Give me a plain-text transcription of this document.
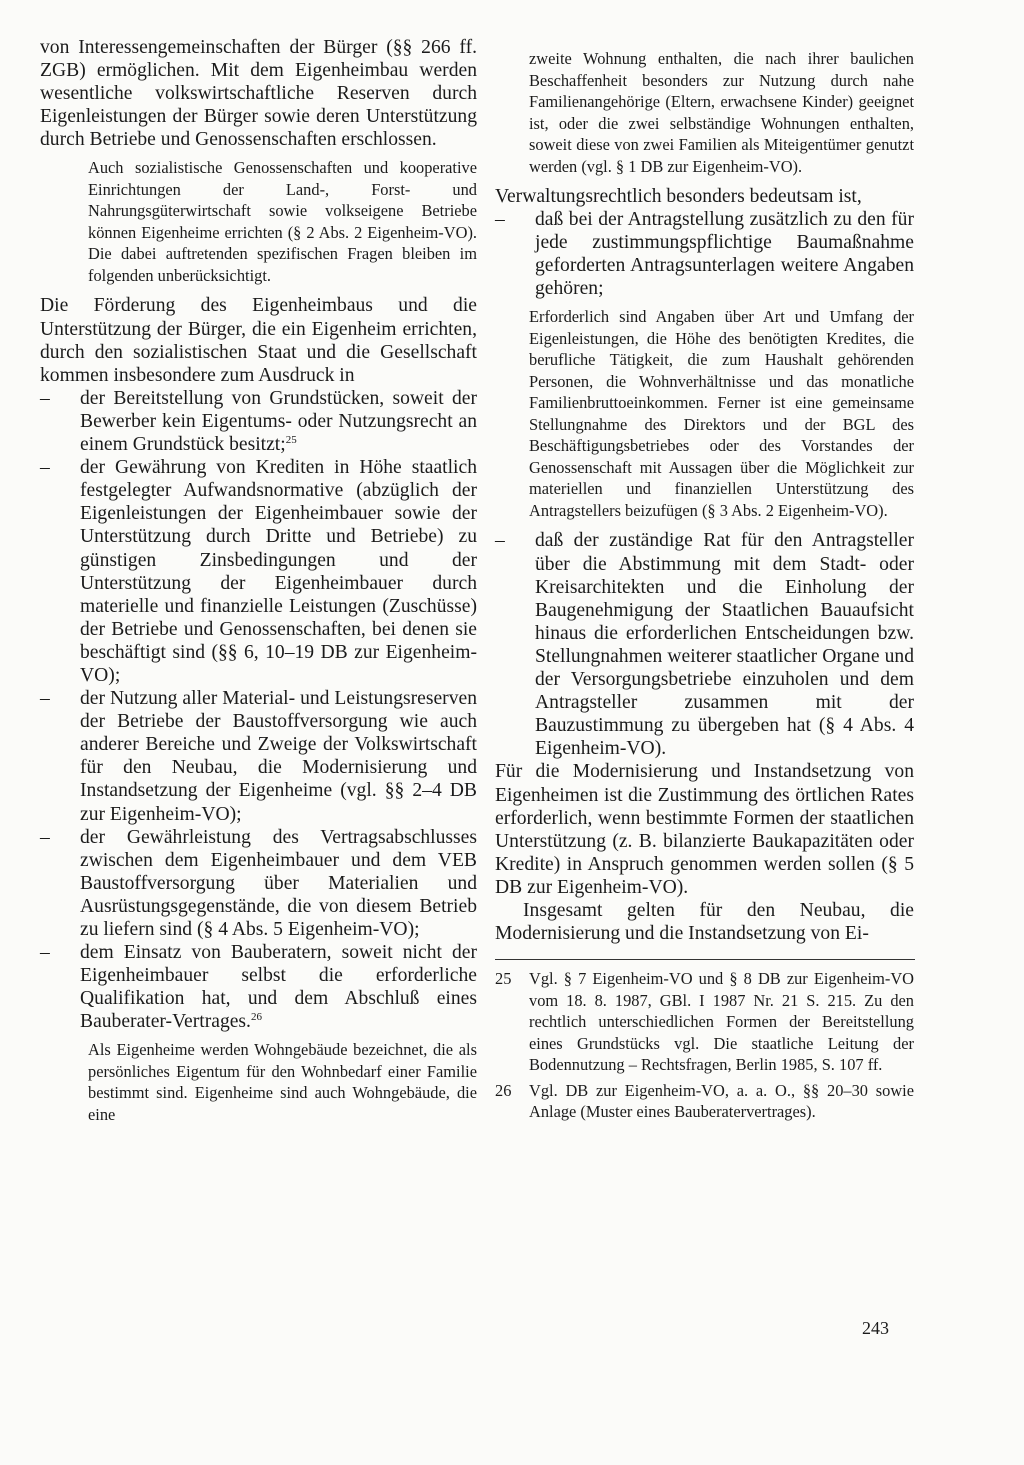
von Interessengemeinschaften der Bürger (§§ 266 ff. ZGB) ermöglichen. Mit dem Eigenheimbau werden wesentliche volkswirtschaftliche Reserven durch Eigenleistungen der Bürger sowie deren Unterstützung durch Betriebe und Genossenschaften erschlossen.

Auch sozialistische Genossenschaften und kooperative Einrichtungen der Land-, Forst- und Nahrungsgüterwirtschaft sowie volkseigene Betriebe können Eigenheime errichten (§ 2 Abs. 2 Eigenheim-VO). Die dabei auftretenden spezifischen Fragen bleiben im folgenden unberücksichtigt.

Die Förderung des Eigenheimbaus und die Unterstützung der Bürger, die ein Eigenheim errichten, durch den sozialistischen Staat und die Gesellschaft kommen insbesondere zum Ausdruck in

– der Bereitstellung von Grundstücken, soweit der Bewerber kein Eigentums- oder Nutzungsrecht an einem Grundstück besitzt;$^{25}$
– der Gewährung von Krediten in Höhe staatlich festgelegter Aufwandsnormative (abzüglich der Eigenleistungen der Eigenheimbauer sowie der Unterstützung durch Dritte und Betriebe) zu günstigen Zinsbedingungen und der Unterstützung der Eigenheimbauer durch materielle und finanzielle Leistungen (Zuschüsse) der Betriebe und Genossenschaften, bei denen sie beschäftigt sind (§§ 6, 10–19 DB zur Eigenheim-VO);
– der Nutzung aller Material- und Leistungsreserven der Betriebe der Baustoffversorgung wie auch anderer Bereiche und Zweige der Volkswirtschaft für den Neubau, die Modernisierung und Instandsetzung der Eigenheime (vgl. §§ 2–4 DB zur Eigenheim-VO);
– der Gewährleistung des Vertragsabschlusses zwischen dem Eigenheimbauer und dem VEB Baustoffversorgung über Materialien und Ausrüstungsgegenstände, die von diesem Betrieb zu liefern sind (§ 4 Abs. 5 Eigenheim-VO);
– dem Einsatz von Bauberatern, soweit nicht der Eigenheimbauer selbst die erforderliche Qualifikation hat, und dem Abschluß eines Bauberater-Vertrages.$^{26}$

Als Eigenheime werden Wohngebäude bezeichnet, die als persönliches Eigentum für den Wohnbedarf einer Familie bestimmt sind. Eigenheime sind auch Wohngebäude, die eine

zweite Wohnung enthalten, die nach ihrer baulichen Beschaffenheit besonders zur Nutzung durch nahe Familienangehörige (Eltern, erwachsene Kinder) geeignet ist, oder die zwei selbständige Wohnungen enthalten, soweit diese von zwei Familien als Miteigentümer genutzt werden (vgl. § 1 DB zur Eigenheim-VO).

Verwaltungsrechtlich besonders bedeutsam ist,

– daß bei der Antragstellung zusätzlich zu den für jede zustimmungspflichtige Baumaßnahme geforderten Antragsunterlagen weitere Angaben gehören;

Erforderlich sind Angaben über Art und Umfang der Eigenleistungen, die Höhe des benötigten Kredites, die berufliche Tätigkeit, die zum Haushalt gehörenden Personen, die Wohnverhältnisse und das monatliche Familienbruttoeinkommen. Ferner ist eine gemeinsame Stellungnahme des Direktors und der BGL des Beschäftigungsbetriebes oder des Vorstandes der Genossenschaft mit Aussagen über die Möglichkeit zur materiellen und finanziellen Unterstützung des Antragstellers beizufügen (§ 3 Abs. 2 Eigenheim-VO).

– daß der zuständige Rat für den Antragsteller über die Abstimmung mit dem Stadt- oder Kreisarchitekten und die Einholung der Baugenehmigung der Staatlichen Bauaufsicht hinaus die erforderlichen Entscheidungen bzw. Stellungnahmen weiterer staatlicher Organe und der Versorgungsbetriebe einzuholen und dem Antragsteller zusammen mit der Bauzustimmung zu übergeben hat (§ 4 Abs. 4 Eigenheim-VO).

Für die Modernisierung und Instandsetzung von Eigenheimen ist die Zustimmung des örtlichen Rates erforderlich, wenn bestimmte Formen der staatlichen Unterstützung (z. B. bilanzierte Baukapazitäten oder Kredite) in Anspruch genommen werden sollen (§ 5 DB zur Eigenheim-VO).

Insgesamt gelten für den Neubau, die Modernisierung und die Instandsetzung von Ei-

25 Vgl. § 7 Eigenheim-VO und § 8 DB zur Eigenheim-VO vom 18. 8. 1987, GBl. I 1987 Nr. 21 S. 215. Zu den rechtlich unterschiedlichen Formen der Bereitstellung eines Grundstücks vgl. Die staatliche Leitung der Bodennutzung – Rechtsfragen, Berlin 1985, S. 107 ff.
26 Vgl. DB zur Eigenheim-VO, a. a. O., §§ 20–30 sowie Anlage (Muster eines Bauberatervertrages).
243
